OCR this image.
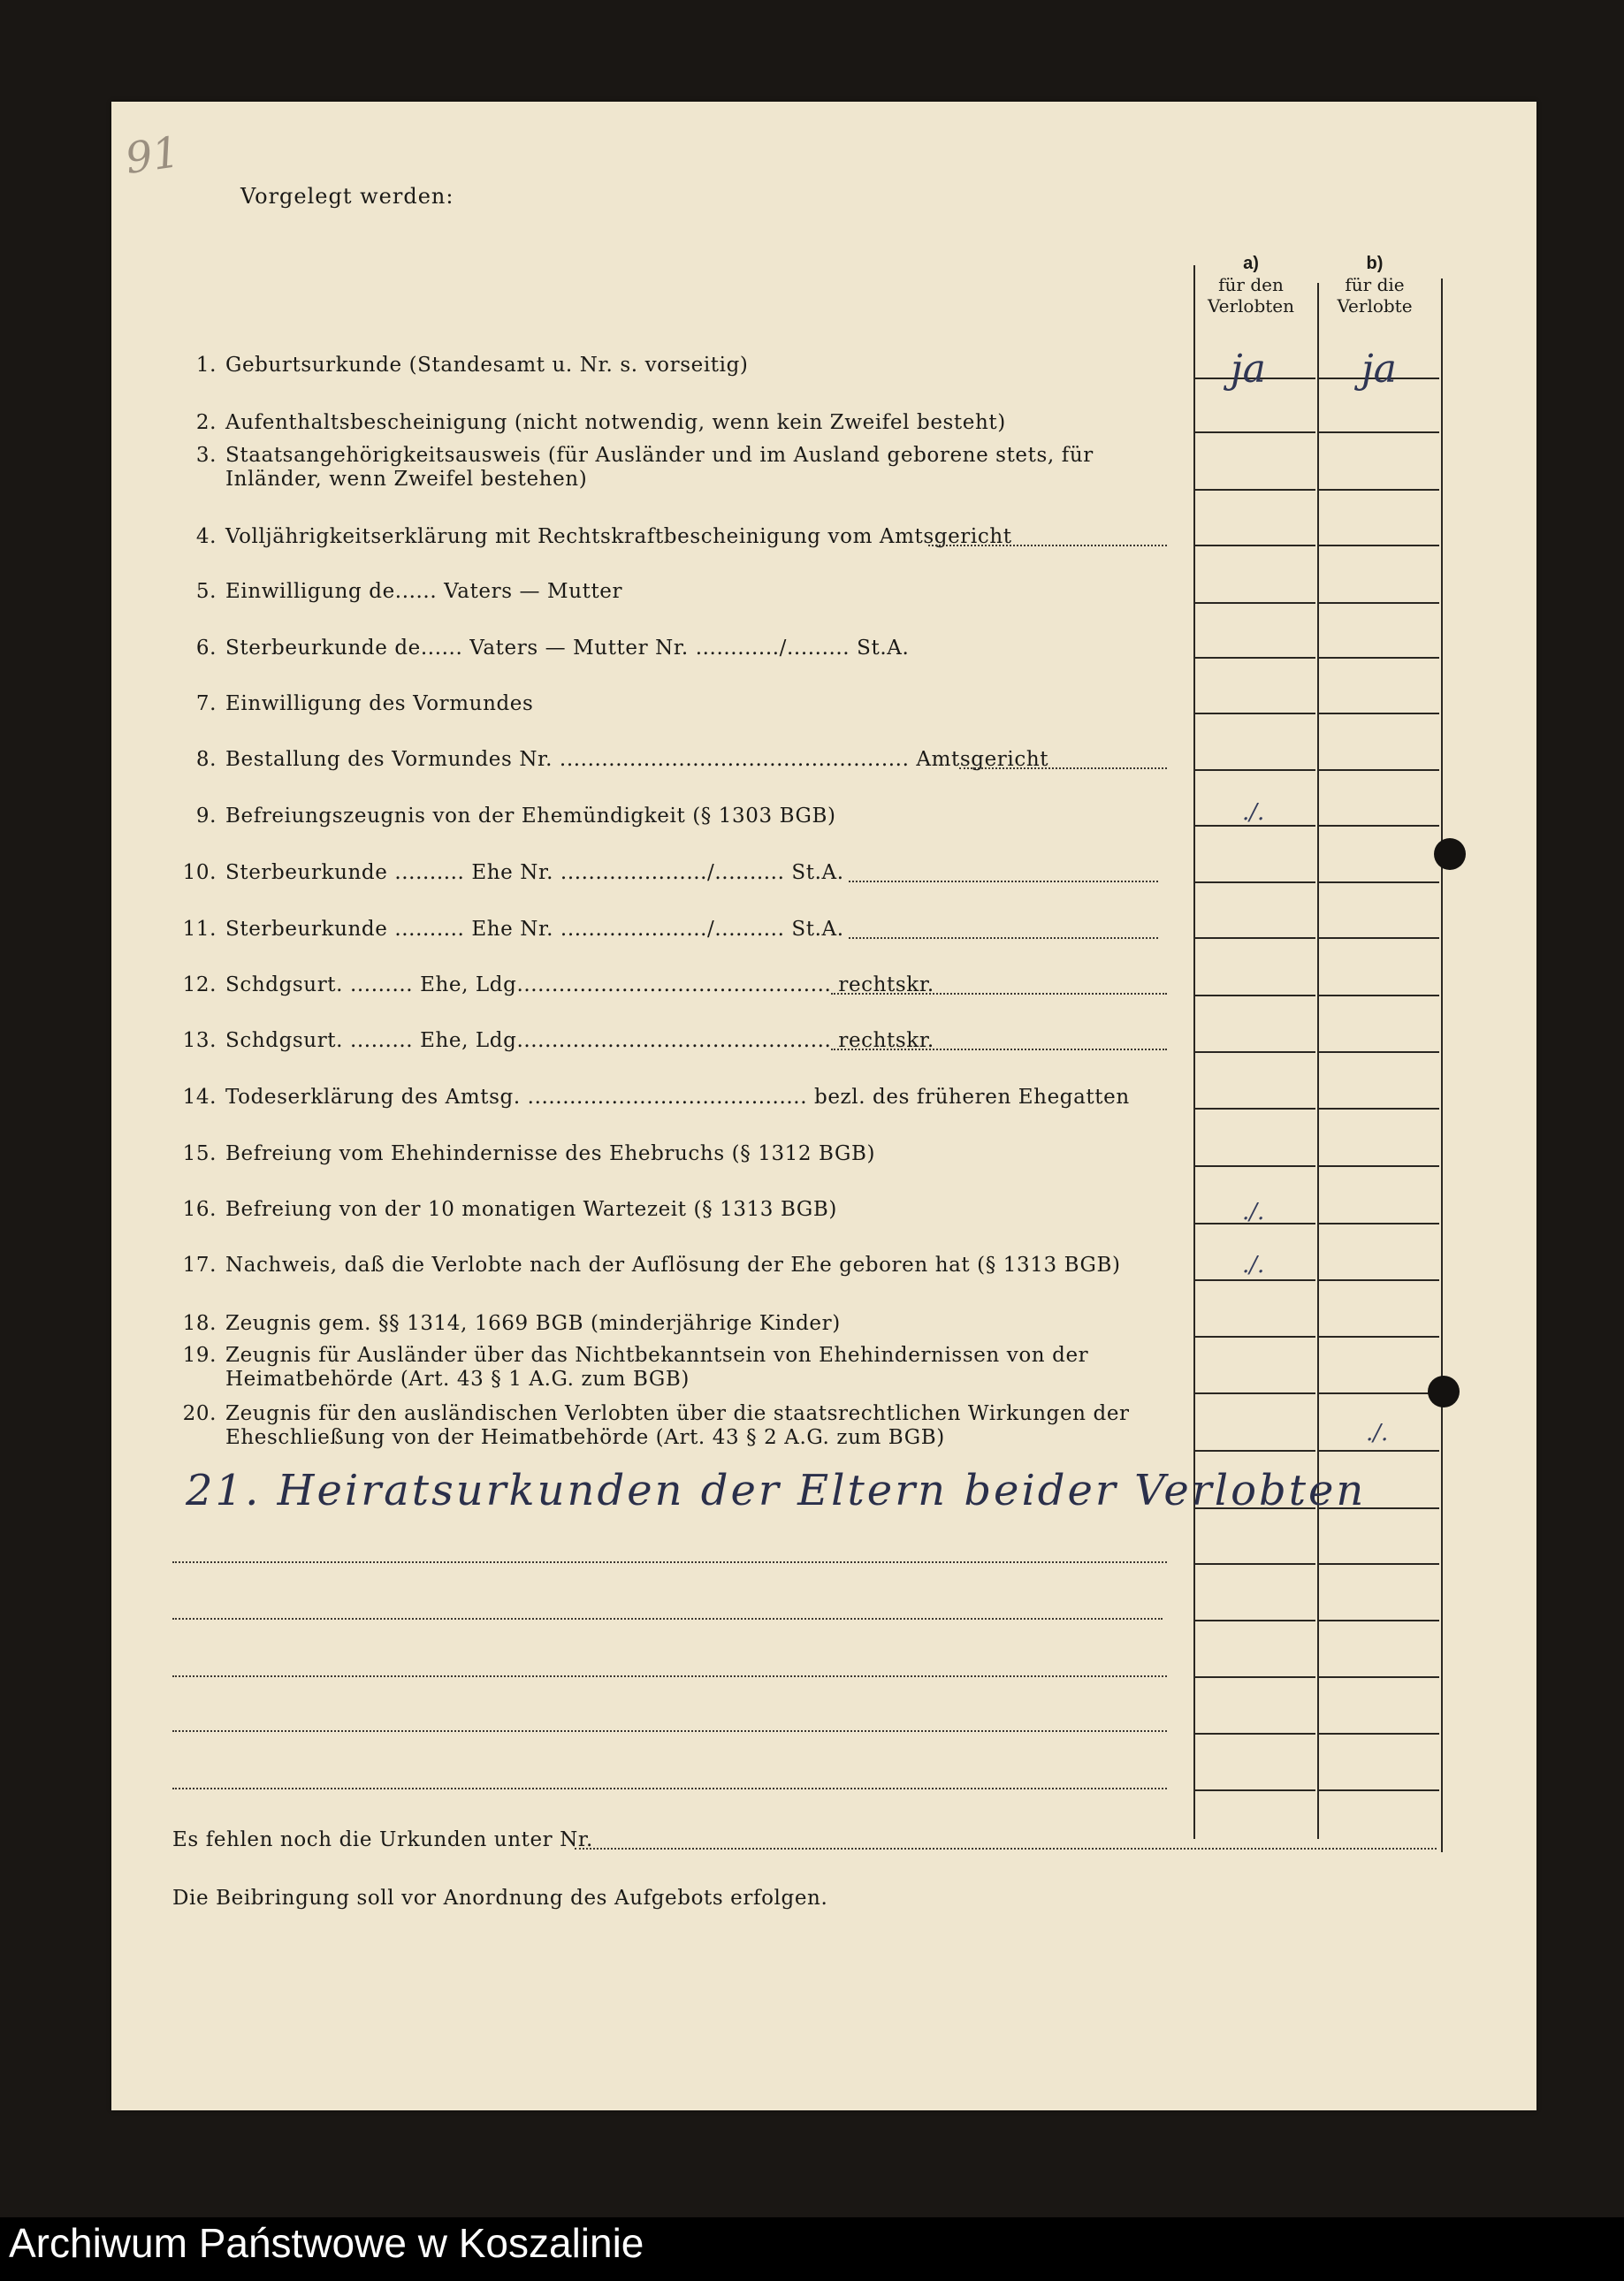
91
Vorgelegt werden:
a)
für den
Verlobten
b)
für die
Verlobte
1. Geburtsurkunde (Standesamt u. Nr. s. vorseitig)
2. Aufenthaltsbescheinigung (nicht notwendig, wenn kein Zweifel besteht)
3. Staatsangehörigkeitsausweis (für Ausländer und im Ausland geborene stets, für Inländer, wenn Zweifel bestehen)
4. Volljährigkeitserklärung mit Rechtskraftbescheinigung vom Amtsgericht
5. Einwilligung de...... Vaters — Mutter
6. Sterbeurkunde de...... Vaters — Mutter Nr. ............/......... St.A.
7. Einwilligung des Vormundes
8. Bestallung des Vormundes Nr. .................................................. Amtsgericht
9. Befreiungszeugnis von der Ehemündigkeit (§ 1303 BGB)
10. Sterbeurkunde .......... Ehe Nr. ...................../.......... St.A.
11. Sterbeurkunde .......... Ehe Nr. ...................../.......... St.A.
12. Schdgsurt. ......... Ehe, Ldg............................................. rechtskr.
13. Schdgsurt. ......... Ehe, Ldg............................................. rechtskr.
14. Todeserklärung des Amtsg. ........................................ bezl. des früheren Ehegatten
15. Befreiung vom Ehehindernisse des Ehebruchs (§ 1312 BGB)
16. Befreiung von der 10 monatigen Wartezeit (§ 1313 BGB)
17. Nachweis, daß die Verlobte nach der Auflösung der Ehe geboren hat (§ 1313 BGB)
18. Zeugnis gem. §§ 1314, 1669 BGB (minderjährige Kinder)
19. Zeugnis für Ausländer über das Nichtbekanntsein von Ehehindernissen von der Heimatbehörde (Art. 43 § 1 A.G. zum BGB)
20. Zeugnis für den ausländischen Verlobten über die staatsrechtlichen Wirkungen der Eheschließung von der Heimatbehörde (Art. 43 § 2 A.G. zum BGB)
ja ja
./.
./.
./.
./.
21. Heiratsurkunden der Eltern beider Verlobten
Es fehlen noch die Urkunden unter Nr.
Die Beibringung soll vor Anordnung des Aufgebots erfolgen.
Archiwum Państwowe w Koszalinie
